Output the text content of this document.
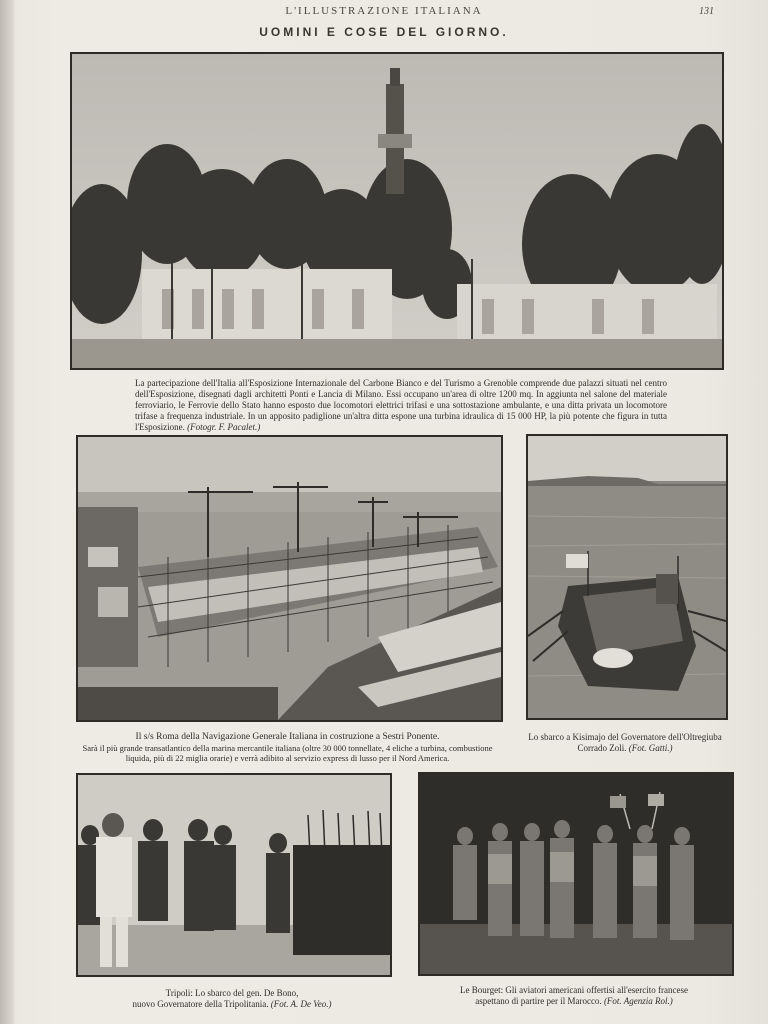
L'ILLUSTRAZIONE ITALIANA	131
UOMINI E COSE DEL GIORNO.
La partecipazione dell'Italia all'Esposizione Internazionale del Carbone Bianco e del Turismo a Grenoble comprende due palazzi situati nel centro dell'Esposizione, disegnati dagli architetti Ponti e Lancia di Milano. Essi occupano un'area di oltre 1200 mq. In aggiunta nel salone del materiale ferroviario, le Ferrovie dello Stato hanno esposto due locomotori elettrici trifasi e una sottostazione ambulante, e una ditta privata un locomotore trifase a frequenza industriale. In un apposito padiglione un'altra ditta espone una turbina idraulica di 15 000 HP, la più potente che figura in tutta l'Esposizione. (Fotogr. F. Pacalet.)
Il s/s Roma della Navigazione Generale Italiana in costruzione a Sestri Ponente.
Sarà il più grande transatlantico della marina mercantile italiana (oltre 30 000 tonnellate, 4 eliche a turbina, combustione liquida, più di 22 miglia orarie) e verrà adibito al servizio express di lusso per il Nord America.
Lo sbarco a Kisimajo del Governatore dell'Oltregiuba Corrado Zoli. (Fot. Gatti.)
Tripoli: Lo sbarco del gen. De Bono,
nuovo Governatore della Tripolitania. (Fot. A. De Veo.)
Le Bourget: Gli aviatori americani offertisi all'esercito francese
aspettano di partire per il Marocco. (Fot. Agenzia Rol.)
